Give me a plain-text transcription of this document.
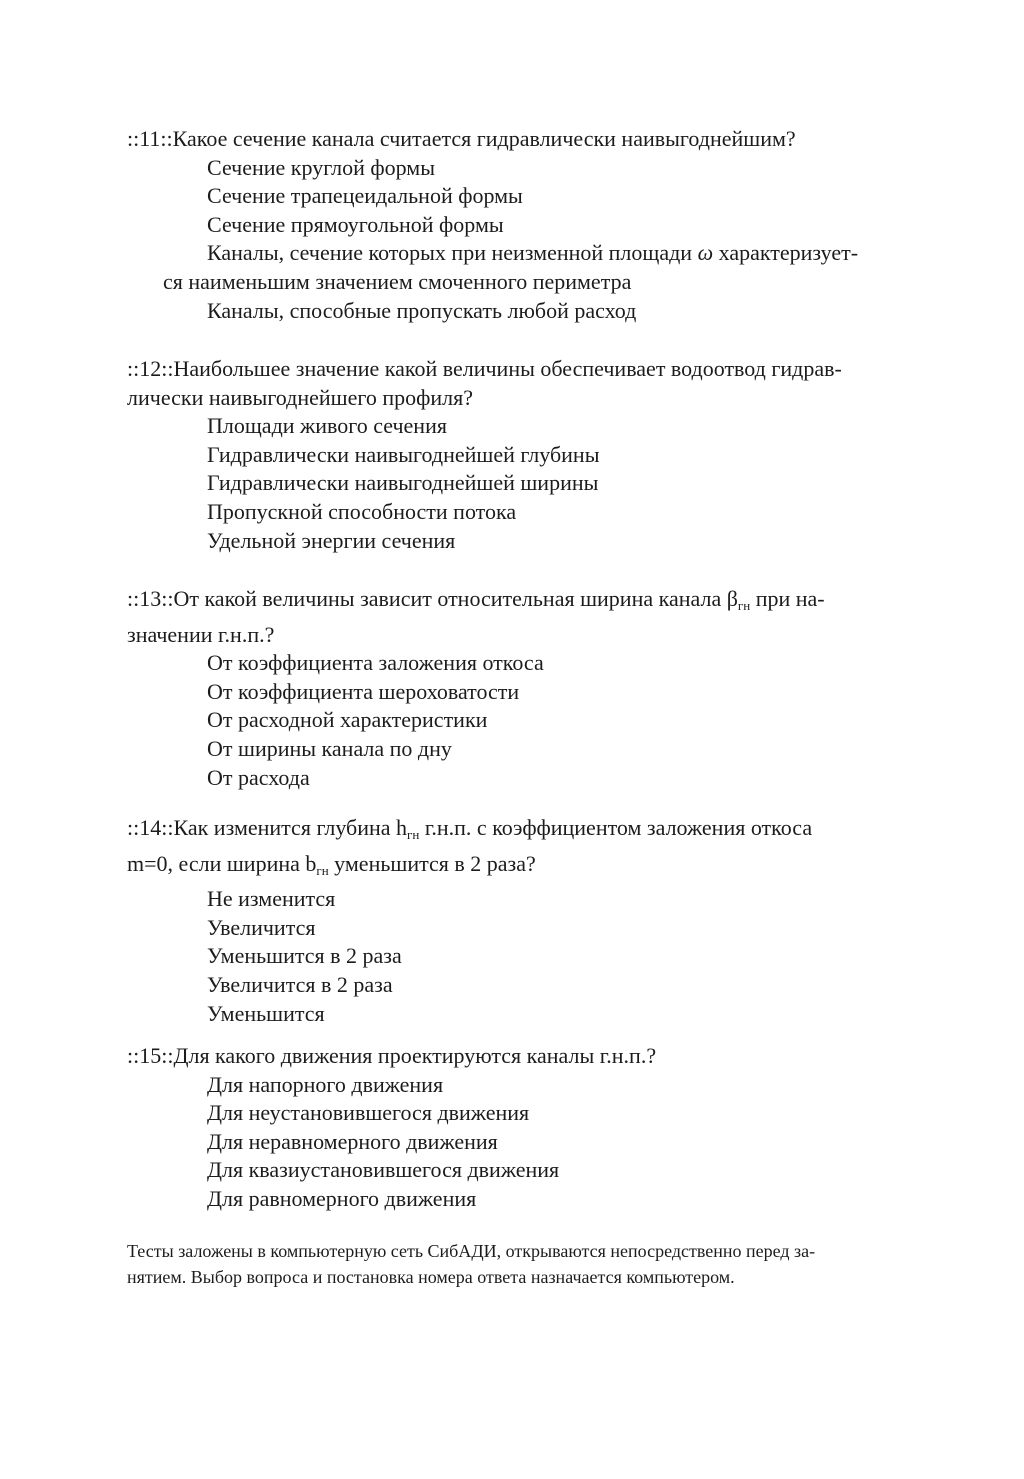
::11::Какое сечение канала считается гидравлически наивыгоднейшим?

Сечение круглой формы
Сечение трапецеидальной формы
Сечение прямоугольной формы
Каналы, сечение которых при неизменной площади ω характеризует-
ся наименьшим значением смоченного периметра
Каналы, способные пропускать любой расход

::12::Наибольшее значение какой величины обеспечивает водоотвод гидрав-
лически наивыгоднейшего профиля?

Площади живого сечения
Гидравлически наивыгоднейшей глубины
Гидравлически наивыгоднейшей ширины
Пропускной способности потока
Удельной энергии сечения

::13::От какой величины зависит относительная ширина канала $\beta_{гн}$ при на-
значении г.н.п.?

От коэффициента заложения откоса
От коэффициента шероховатости
От расходной характеристики
От ширины канала по дну
От расхода

::14::Как изменится глубина $h_{гн}$ г.н.п. с коэффициентом заложения откоса
m=0, если ширина $b_{гн}$ уменьшится в 2 раза?

Не изменится
Увеличится
Уменьшится в 2 раза
Увеличится в 2 раза
Уменьшится

::15::Для какого движения проектируются каналы г.н.п.?

Для напорного движения
Для неустановившегося движения
Для неравномерного движения
Для квазиустановившегося движения
Для равномерного движения
Тесты заложены в компьютерную сеть СибАДИ, открываются непосредственно перед за-
нятием. Выбор вопроса и постановка номера ответа назначается компьютером.
